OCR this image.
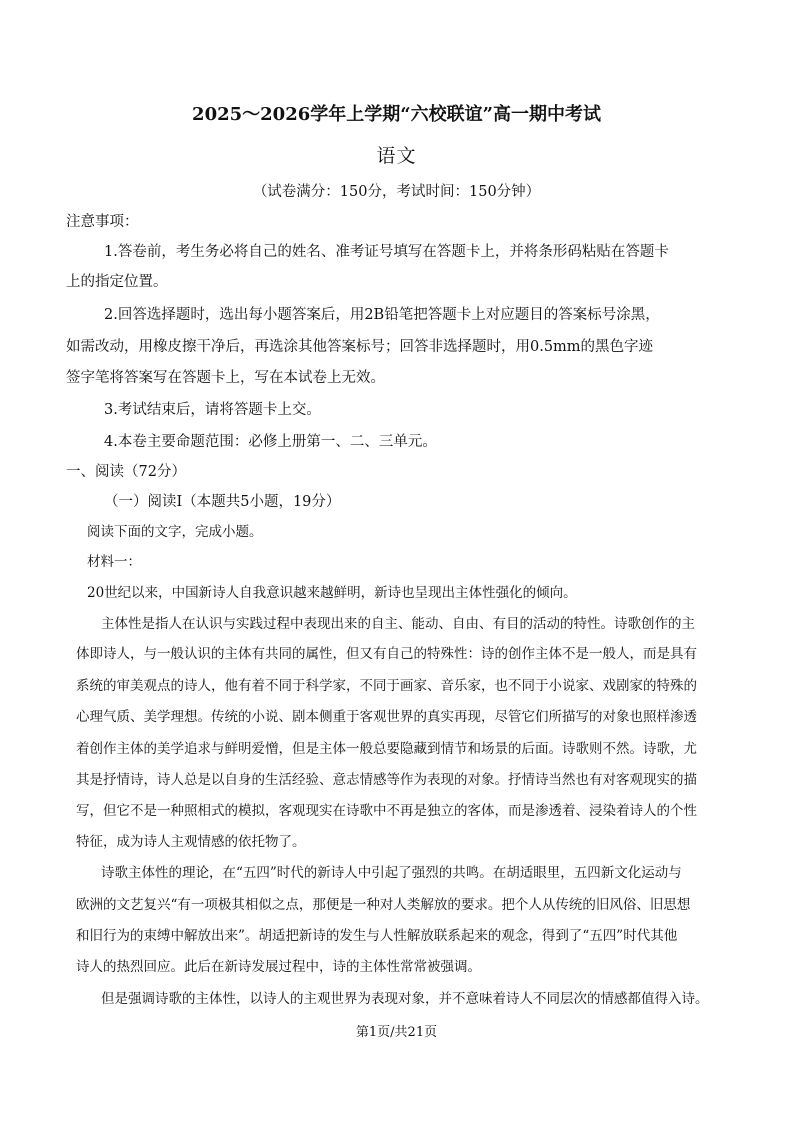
2025～2026学年上学期“六校联谊”高一期中考试
语文
（试卷满分：150分，考试时间：150分钟）
注意事项：
1.答卷前，考生务必将自己的姓名、准考证号填写在答题卡上，并将条形码粘贴在答题卡
上的指定位置。
2.回答选择题时，选出每小题答案后，用2B铅笔把答题卡上对应题目的答案标号涂黑，
如需改动，用橡皮擦干净后，再选涂其他答案标号；回答非选择题时，用0.5mm的黑色字迹
签字笔将答案写在答题卡上，写在本试卷上无效。
3.考试结束后，请将答题卡上交。
4.本卷主要命题范围：必修上册第一、二、三单元。
一、阅读（72分）
（一）阅读I（本题共5小题，19分）
阅读下面的文字，完成小题。
材料一：
20世纪以来，中国新诗人自我意识越来越鲜明，新诗也呈现出主体性强化的倾向。
主体性是指人在认识与实践过程中表现出来的自主、能动、自由、有目的活动的特性。诗歌创作的主
体即诗人，与一般认识的主体有共同的属性，但又有自己的特殊性：诗的创作主体不是一般人，而是具有
系统的审美观点的诗人，他有着不同于科学家，不同于画家、音乐家，也不同于小说家、戏剧家的特殊的
心理气质、美学理想。传统的小说、剧本侧重于客观世界的真实再现，尽管它们所描写的对象也照样渗透
着创作主体的美学追求与鲜明爱憎，但是主体一般总要隐藏到情节和场景的后面。诗歌则不然。诗歌，尤
其是抒情诗，诗人总是以自身的生活经验、意志情感等作为表现的对象。抒情诗当然也有对客观现实的描
写，但它不是一种照相式的模拟，客观现实在诗歌中不再是独立的客体，而是渗透着、浸染着诗人的个性
特征，成为诗人主观情感的依托物了。
诗歌主体性的理论，在“五四”时代的新诗人中引起了强烈的共鸣。在胡适眼里，五四新文化运动与
欧洲的文艺复兴“有一项极其相似之点，那便是一种对人类解放的要求。把个人从传统的旧风俗、旧思想
和旧行为的束缚中解放出来”。胡适把新诗的发生与人性解放联系起来的观念，得到了“五四”时代其他
诗人的热烈回应。此后在新诗发展过程中，诗的主体性常常被强调。
但是强调诗歌的主体性，以诗人的主观世界为表现对象，并不意味着诗人不同层次的情感都值得入诗。
第1页/共21页
